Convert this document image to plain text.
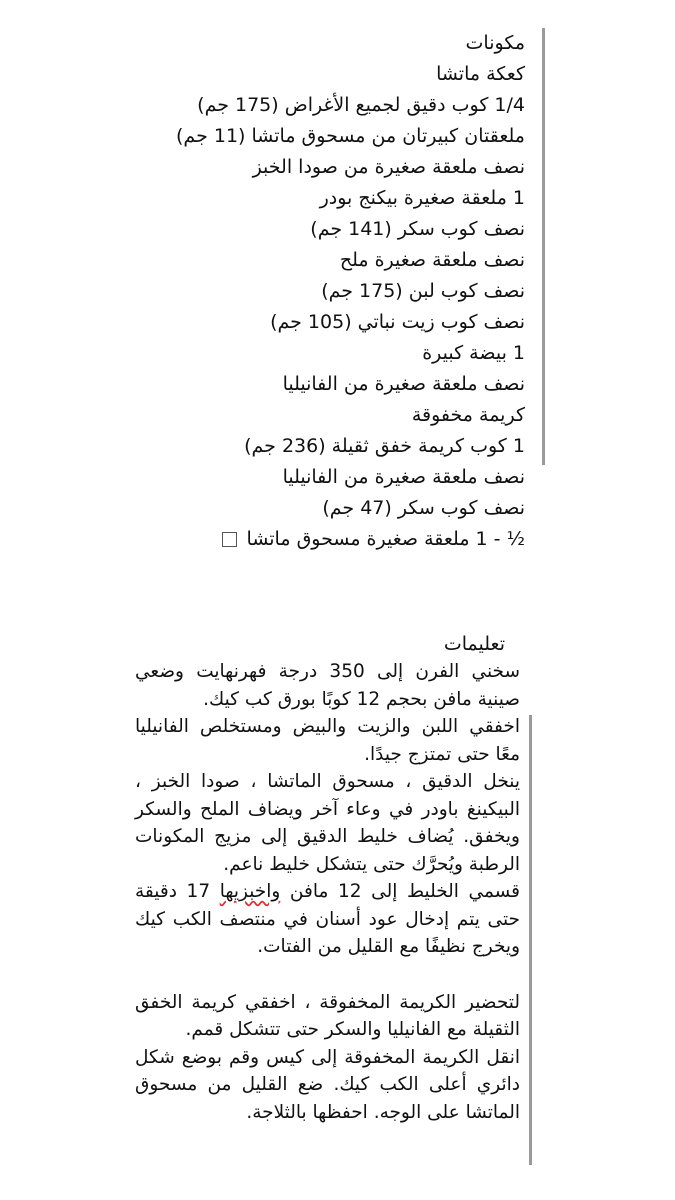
مكونات
كعكة ماتشا
1/4 كوب دقيق لجميع الأغراض (175 جم)
ملعقتان كبيرتان من مسحوق ماتشا (11 جم)
نصف ملعقة صغيرة من صودا الخبز
1 ملعقة صغيرة بيكنج بودر
نصف كوب سكر (141 جم)
نصف ملعقة صغيرة ملح
نصف كوب لبن (175 جم)
نصف كوب زيت نباتي (105 جم)
1 بيضة كبيرة
نصف ملعقة صغيرة من الفانيليا
كريمة مخفوقة
1 كوب كريمة خفق ثقيلة (236 جم)
نصف ملعقة صغيرة من الفانيليا
نصف كوب سكر (47 جم)
½ - 1 ملعقة صغيرة مسحوق ماتشا
تعليمات

سخني الفرن إلى 350 درجة فهرنهايت وضعي صينية مافن بحجم 12 كوبًا بورق كب كيك.

اخفقي اللبن والزيت والبيض ومستخلص الفانيليا معًا حتى تمتزج جيدًا.

ينخل الدقيق ، مسحوق الماتشا ، صودا الخبز ، البيكينغ باودر في وعاء آخر ويضاف الملح والسكر ويخفق. يُضاف خليط الدقيق إلى مزيج المكونات الرطبة ويُحرَّك حتى يتشكل خليط ناعم.

قسمي الخليط إلى 12 مافن واخبزيها 17 دقيقة حتى يتم إدخال عود أسنان في منتصف الكب كيك ويخرج نظيفًا مع القليل من الفتات.

لتحضير الكريمة المخفوقة ، اخفقي كريمة الخفق الثقيلة مع الفانيليا والسكر حتى تتشكل قمم.

انقل الكريمة المخفوقة إلى كيس وقم بوضع شكل دائري أعلى الكب كيك. ضع القليل من مسحوق الماتشا على الوجه. احفظها بالثلاجة.
